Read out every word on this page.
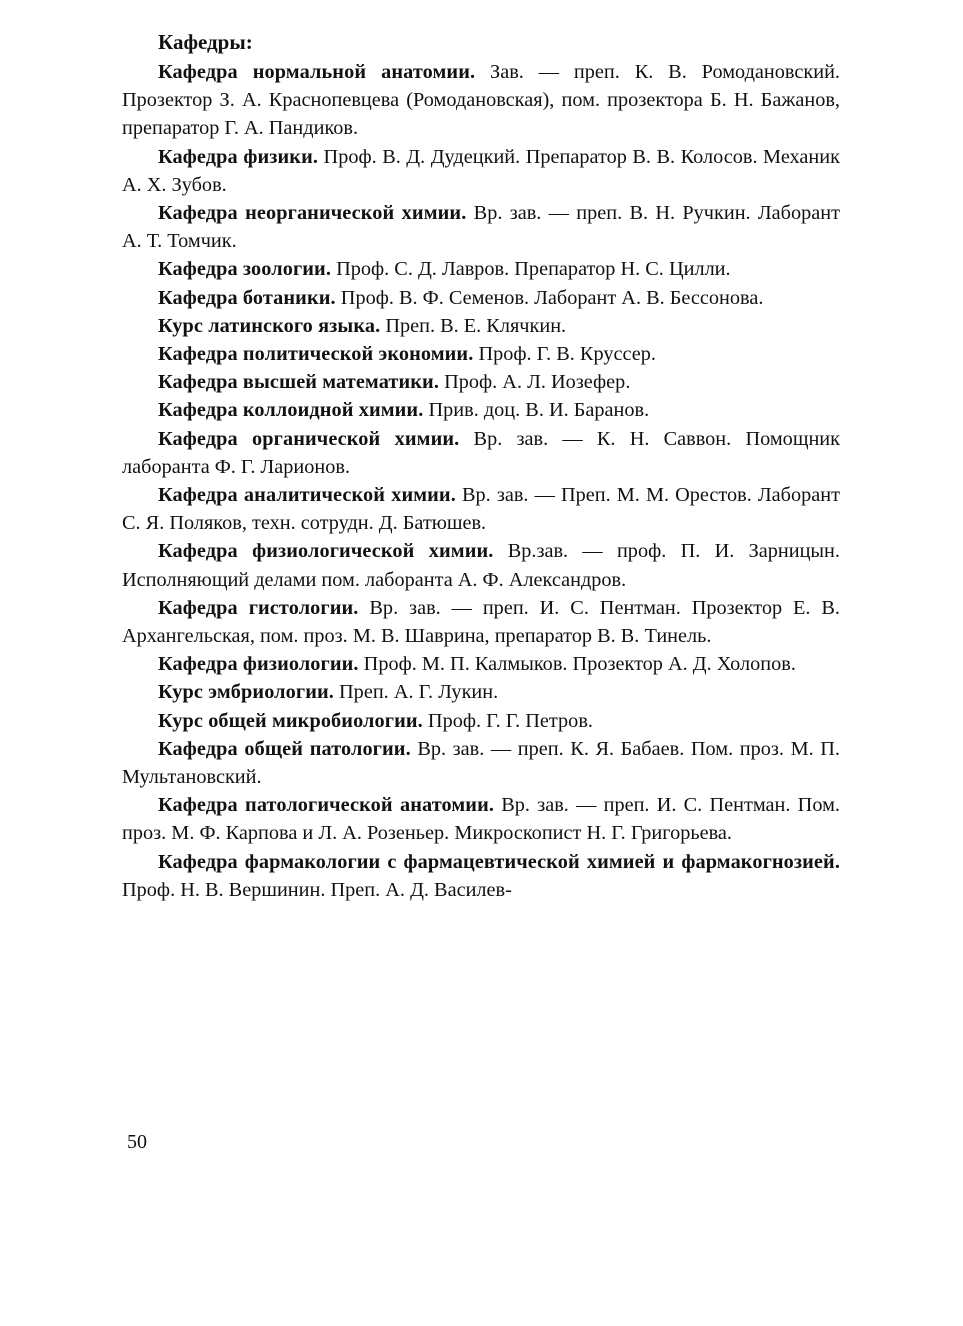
Кафедры:

Кафедра нормальной анатомии. Зав. — преп. К. В. Ромодановский. Прозектор З. А. Краснопевцева (Ромодановская), пом. прозектора Б. Н. Бажанов, препаратор Г. А. Пандиков.

Кафедра физики. Проф. В. Д. Дудецкий. Препаратор В. В. Колосов. Механик А. Х. Зубов.

Кафедра неорганической химии. Вр. зав. — преп. В. Н. Ручкин. Лаборант А. Т. Томчик.

Кафедра зоологии. Проф. С. Д. Лавров. Препаратор Н. С. Цилли.

Кафедра ботаники. Проф. В. Ф. Семенов. Лаборант А. В. Бессонова.

Курс латинского языка. Преп. В. Е. Клячкин.

Кафедра политической экономии. Проф. Г. В. Круссер.

Кафедра высшей математики. Проф. А. Л. Иозефер.

Кафедра коллоидной химии. Прив. доц. В. И. Баранов.

Кафедра органической химии. Вр. зав. — К. Н. Саввон. Помощник лаборанта Ф. Г. Ларионов.

Кафедра аналитической химии. Вр. зав. — Преп. М. М. Орестов. Лаборант С. Я. Поляков, техн. сотрудн. Д. Батюшев.

Кафедра физиологической химии. Вр.зав. — проф. П. И. Зарницын. Исполняющий делами пом. лаборанта А. Ф. Александров.

Кафедра гистологии. Вр. зав. — преп. И. С. Пентман. Прозектор Е. В. Архангельская, пом. проз. М. В. Шаврина, препаратор В. В. Тинель.

Кафедра физиологии. Проф. М. П. Калмыков. Прозектор А. Д. Холопов.

Курс эмбриологии. Преп. А. Г. Лукин.

Курс общей микробиологии. Проф. Г. Г. Петров.

Кафедра общей патологии. Вр. зав. — преп. К. Я. Бабаев. Пом. проз. М. П. Мультановский.

Кафедра патологической анатомии. Вр. зав. — преп. И. С. Пентман. Пом. проз. М. Ф. Карпова и Л. А. Розеньер. Микроскопист Н. Г. Григорьева.

Кафедра фармакологии с фармацевтической химией и фармакогнозией. Проф. Н. В. Вершинин. Преп. А. Д. Василев-

50
